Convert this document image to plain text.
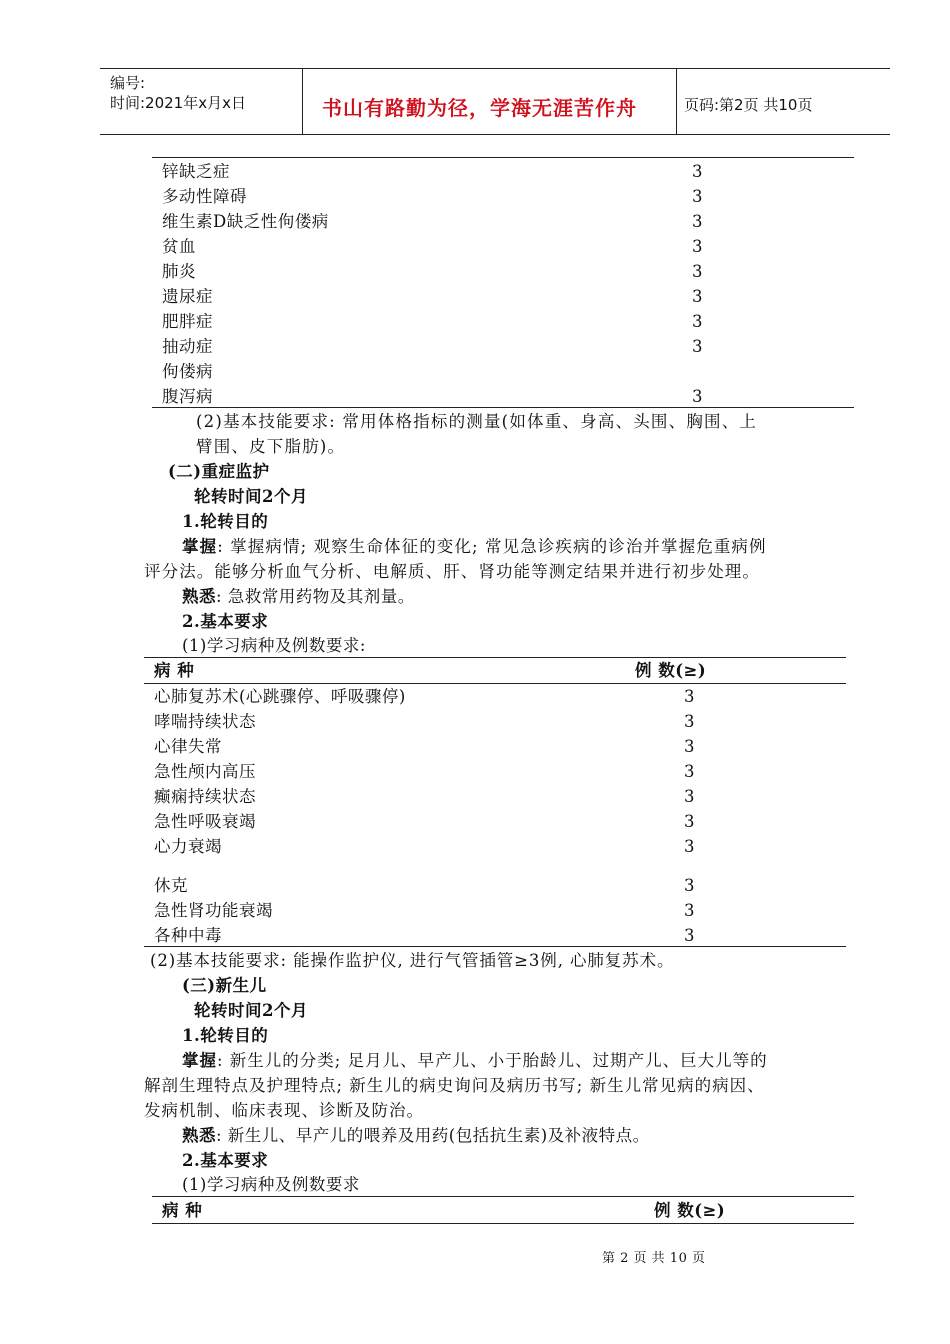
编号:
时间:2021年x月x日	书山有路勤为径，学海无涯苦作舟	页码:第2页 共10页
锌缺乏症	3
多动性障碍	3
维生素D缺乏性佝偻病	3
贫血	3
肺炎	3
遗尿症	3
肥胖症	3
抽动症	3
佝偻病
腹泻病	3
(2)基本技能要求: 常用体格指标的测量(如体重、身高、头围、胸围、上
臂围、皮下脂肪)。
(二)重症监护
轮转时间2个月
1.轮转目的
掌握: 掌握病情; 观察生命体征的变化; 常见急诊疾病的诊治并掌握危重病例
评分法。能够分析血气分析、电解质、肝、肾功能等测定结果并进行初步处理。
熟悉: 急救常用药物及其剂量。
2.基本要求
(1)学习病种及例数要求:
病 种	例 数(≥)
心肺复苏术(心跳骤停、呼吸骤停)	3
哮喘持续状态	3
心律失常	3
急性颅内高压	3
癫痫持续状态	3
急性呼吸衰竭	3
心力衰竭	3
休克	3
急性肾功能衰竭	3
各种中毒	3
(2)基本技能要求: 能操作监护仪, 进行气管插管≥3例, 心肺复苏术。
(三)新生儿
轮转时间2个月
1.轮转目的
掌握: 新生儿的分类; 足月儿、早产儿、小于胎龄儿、过期产儿、巨大儿等的
解剖生理特点及护理特点; 新生儿的病史询问及病历书写; 新生儿常见病的病因、
发病机制、临床表现、诊断及防治。
熟悉: 新生儿、早产儿的喂养及用药(包括抗生素)及补液特点。
2.基本要求
(1)学习病种及例数要求
病 种	例 数(≥)
第 2 页 共 10 页
